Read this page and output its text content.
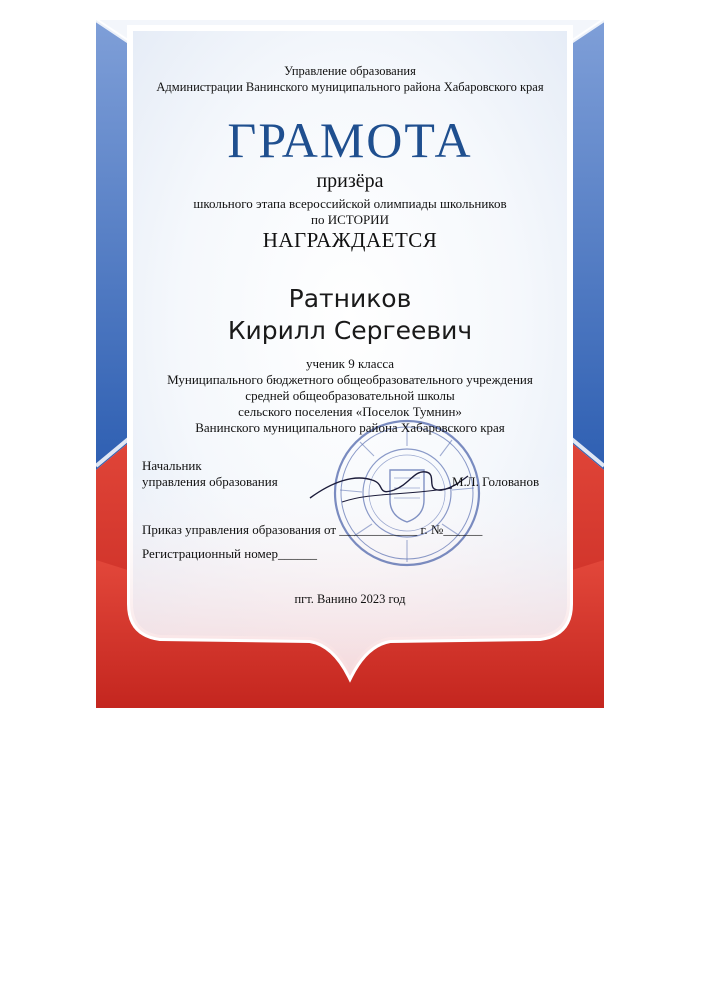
Управление образования
Администрации Ванинского муниципального района Хабаровского края
ГРАМОТА
призёра
школьного этапа всероссийской олимпиады школьников
по ИСТОРИИ
НАГРАЖДАЕТСЯ
Ратников
Кирилл Сергеевич
ученик 9 класса
Муниципального бюджетного общеобразовательного учреждения
средней общеобразовательной школы
сельского поселения «Поселок Тумнин»
Ванинского муниципального района Хабаровского края
Начальник
управления образования	М.Л. Голованов
Приказ управления образования от ____________ г. №______
Регистрационный номер______
пгт. Ванино 2023 год
